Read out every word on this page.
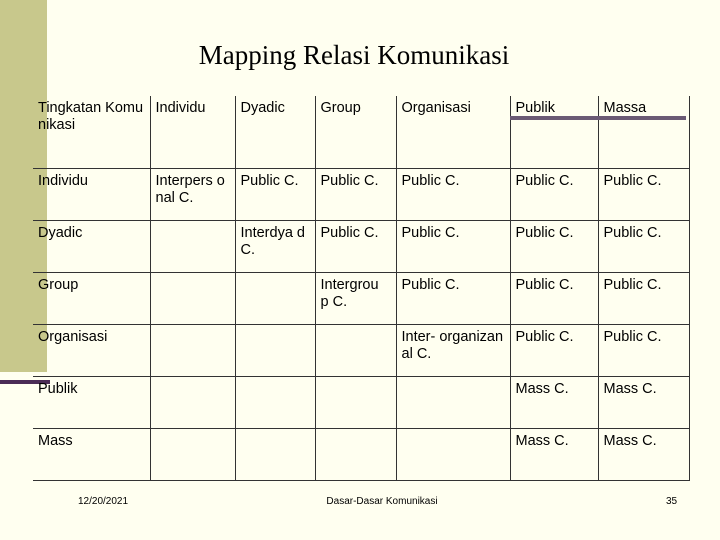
Mapping Relasi Komunikasi
Tingkatan Komunikasi	Individu	Dyadic	Group	Organisasi	Publik	Massa
Individu	Interpers onal C.	Public C.	Public C.	Public C.	Public C.	Public C.
Dyadic		Interdya d C.	Public C.	Public C.	Public C.	Public C.
Group			Intergrou p C.	Public C.	Public C.	Public C.
Organisasi				Inter- organizanal C.	Public C.	Public C.
Publik					Mass C.	Mass C.
Mass					Mass C.	Mass C.
12/20/2021	Dasar-Dasar Komunikasi	35
